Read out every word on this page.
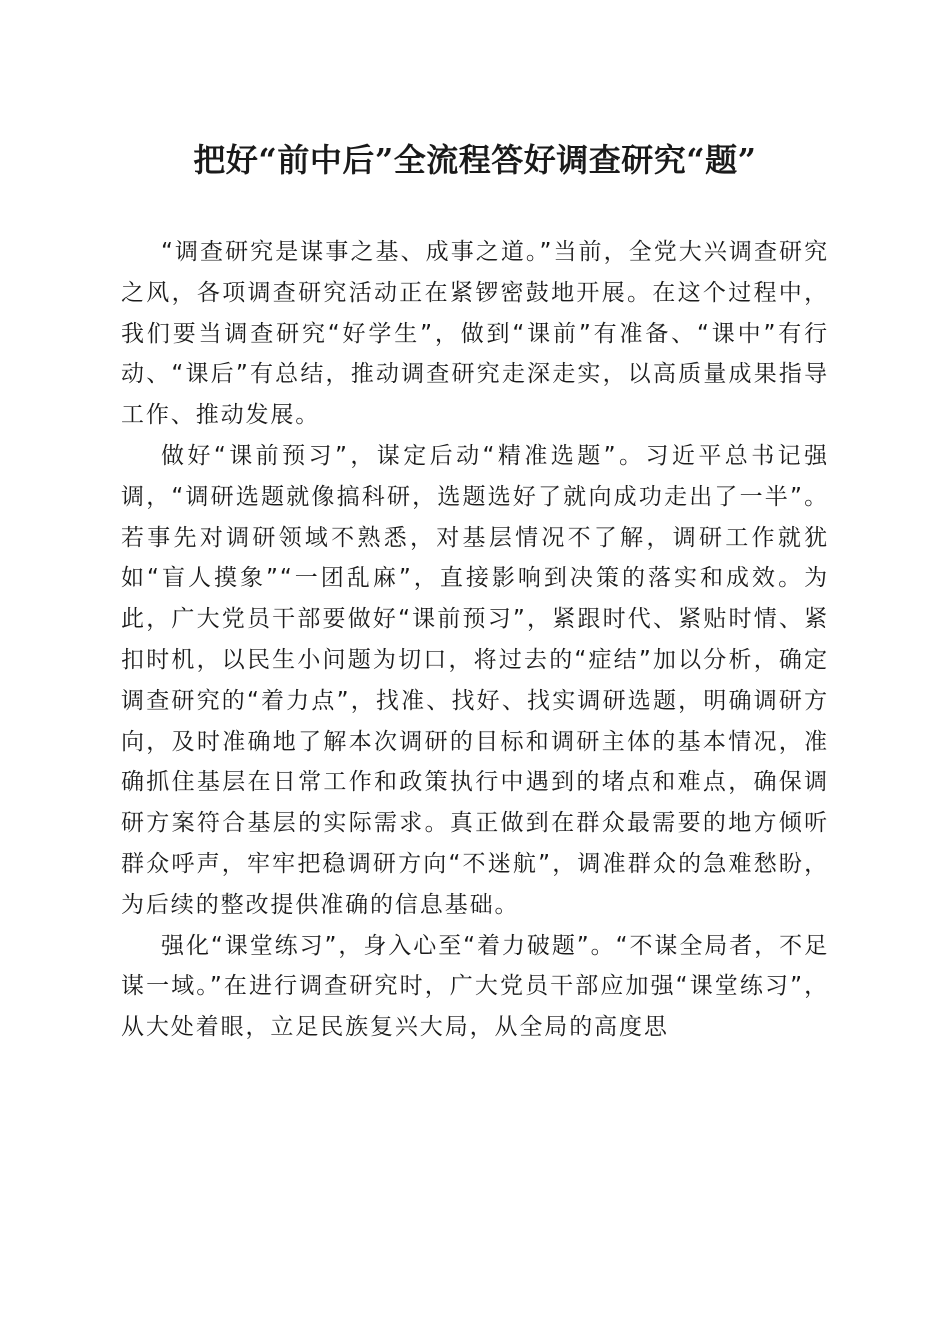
把好“前中后”全流程答好调查研究“题”

“调查研究是谋事之基、成事之道。”当前，全党大兴调查研究之风，各项调查研究活动正在紧锣密鼓地开展。在这个过程中，我们要当调查研究“好学生”，做到“课前”有准备、“课中”有行动、“课后”有总结，推动调查研究走深走实，以高质量成果指导工作、推动发展。

做好“课前预习”，谋定后动“精准选题”。习近平总书记强调，“调研选题就像搞科研，选题选好了就向成功走出了一半”。若事先对调研领域不熟悉，对基层情况不了解，调研工作就犹如“盲人摸象”“一团乱麻”，直接影响到决策的落实和成效。为此，广大党员干部要做好“课前预习”，紧跟时代、紧贴时情、紧扣时机，以民生小问题为切口，将过去的“症结”加以分析，确定调查研究的“着力点”，找准、找好、找实调研选题，明确调研方向，及时准确地了解本次调研的目标和调研主体的基本情况，准确抓住基层在日常工作和政策执行中遇到的堵点和难点，确保调研方案符合基层的实际需求。真正做到在群众最需要的地方倾听群众呼声，牢牢把稳调研方向“不迷航”，调准群众的急难愁盼，为后续的整改提供准确的信息基础。

强化“课堂练习”，身入心至“着力破题”。“不谋全局者，不足谋一域。”在进行调查研究时，广大党员干部应加强“课堂练习”，从大处着眼，立足民族复兴大局，从全局的高度思
